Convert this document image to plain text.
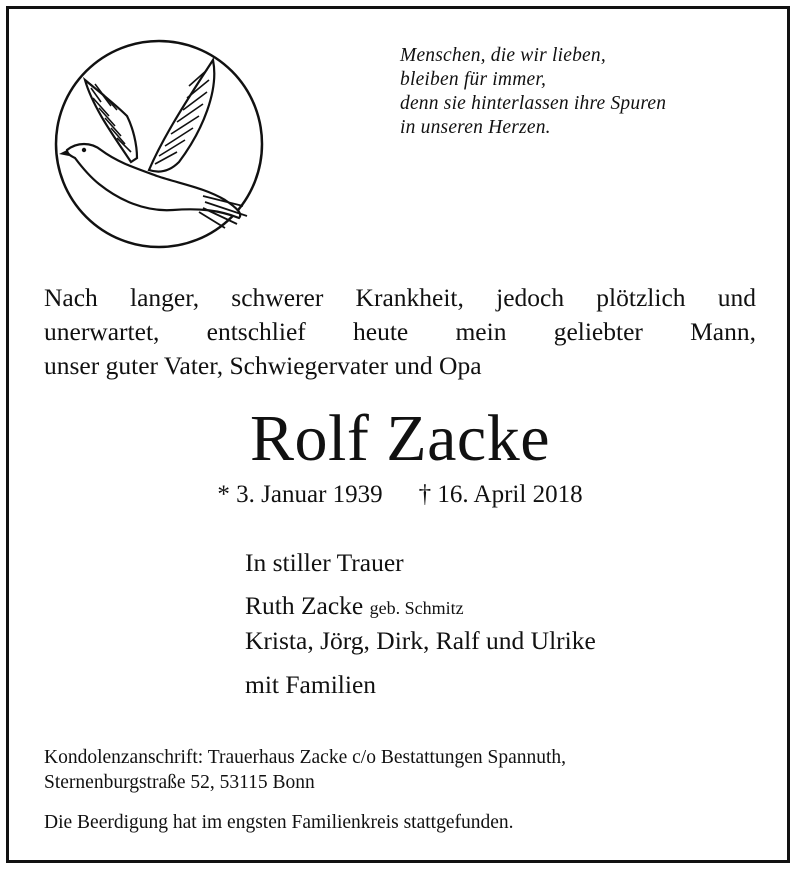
Menschen, die wir lieben,
bleiben für immer,
denn sie hinterlassen ihre Spuren
in unseren Herzen.
Nach langer, schwerer Krankheit, jedoch plötzlich und
unerwartet, entschlief heute mein geliebter Mann,
unser guter Vater, Schwiegervater und Opa
Rolf Zacke
* 3. Januar 1939 † 16. April 2018
In stiller Trauer
Ruth Zacke geb. Schmitz
Krista, Jörg, Dirk, Ralf und Ulrike
mit Familien
Kondolenzanschrift: Trauerhaus Zacke c/o Bestattungen Spannuth,
Sternenburgstraße 52, 53115 Bonn
Die Beerdigung hat im engsten Familienkreis stattgefunden.
